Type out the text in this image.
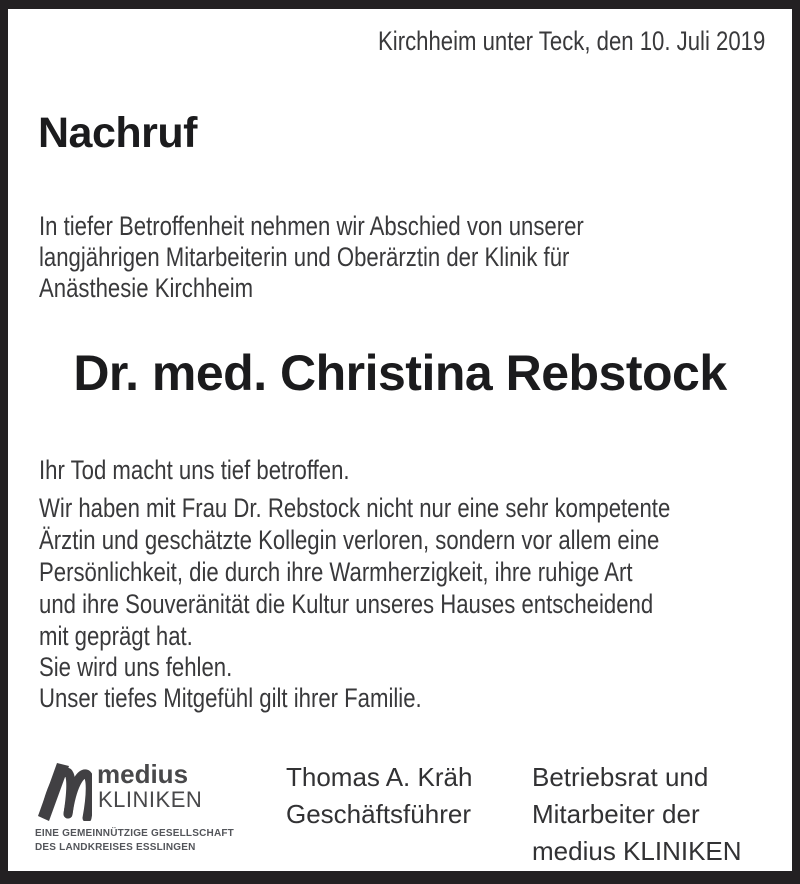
Kirchheim unter Teck, den 10. Juli 2019
Nachruf
In tiefer Betroffenheit nehmen wir Abschied von unserer
langjährigen Mitarbeiterin und Oberärztin der Klinik für
Anästhesie Kirchheim
Dr. med. Christina Rebstock
Ihr Tod macht uns tief betroffen.
Wir haben mit Frau Dr. Rebstock nicht nur eine sehr kompetente
Ärztin und geschätzte Kollegin verloren, sondern vor allem eine
Persönlichkeit, die durch ihre Warmherzigkeit, ihre ruhige Art
und ihre Souveränität die Kultur unseres Hauses entscheidend
mit geprägt hat.
Sie wird uns fehlen.
Unser tiefes Mitgefühl gilt ihrer Familie.
medius
KLINIKEN
EINE GEMEINNÜTZIGE GESELLSCHAFT
DES LANDKREISES ESSLINGEN
Thomas A. Kräh
Geschäftsführer
Betriebsrat und
Mitarbeiter der
medius KLINIKEN
